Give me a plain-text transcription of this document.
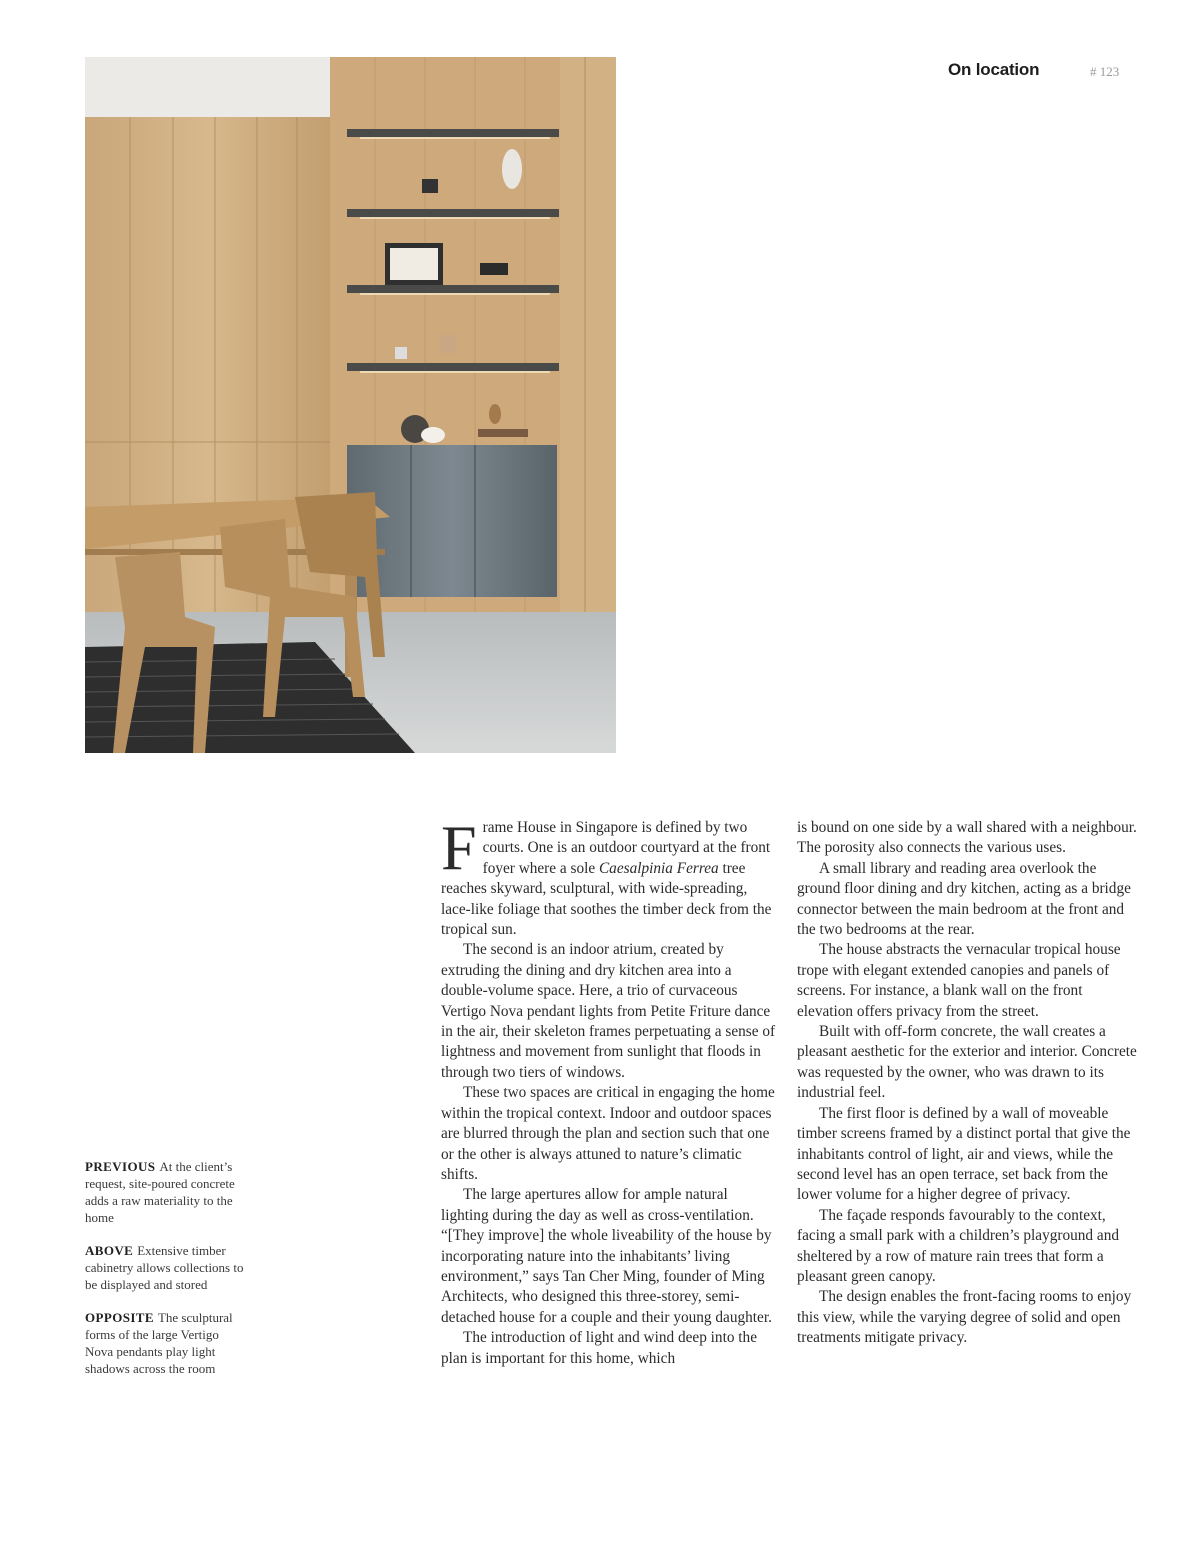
On location	# 123

PREVIOUS At the client’s request, site-poured concrete adds a raw materiality to the home

ABOVE Extensive timber cabinetry allows collections to be displayed and stored

OPPOSITE The sculptural forms of the large Vertigo Nova pendants play light shadows across the room

Frame House in Singapore is defined by two courts. One is an outdoor courtyard at the front foyer where a sole Caesalpinia Ferrea tree reaches skyward, sculptural, with wide-spreading, lace-like foliage that soothes the timber deck from the tropical sun.

The second is an indoor atrium, created by extruding the dining and dry kitchen area into a double-volume space. Here, a trio of curvaceous Vertigo Nova pendant lights from Petite Friture dance in the air, their skeleton frames perpetuating a sense of lightness and movement from sunlight that floods in through two tiers of windows.

These two spaces are critical in engaging the home within the tropical context. Indoor and outdoor spaces are blurred through the plan and section such that one or the other is always attuned to nature’s climatic shifts.

The large apertures allow for ample natural lighting during the day as well as cross-ventilation. “[They improve] the whole liveability of the house by incorporating nature into the inhabitants’ living environment,” says Tan Cher Ming, founder of Ming Architects, who designed this three-storey, semi-detached house for a couple and their young daughter.

The introduction of light and wind deep into the plan is important for this home, which

is bound on one side by a wall shared with a neighbour. The porosity also connects the various uses.

A small library and reading area overlook the ground floor dining and dry kitchen, acting as a bridge connector between the main bedroom at the front and the two bedrooms at the rear.

The house abstracts the vernacular tropical house trope with elegant extended canopies and panels of screens. For instance, a blank wall on the front elevation offers privacy from the street.

Built with off-form concrete, the wall creates a pleasant aesthetic for the exterior and interior. Concrete was requested by the owner, who was drawn to its industrial feel.

The first floor is defined by a wall of moveable timber screens framed by a distinct portal that give the inhabitants control of light, air and views, while the second level has an open terrace, set back from the lower volume for a higher degree of privacy.

The façade responds favourably to the context, facing a small park with a children’s playground and sheltered by a row of mature rain trees that form a pleasant green canopy.

The design enables the front-facing rooms to enjoy this view, while the varying degree of solid and open treatments mitigate privacy.
